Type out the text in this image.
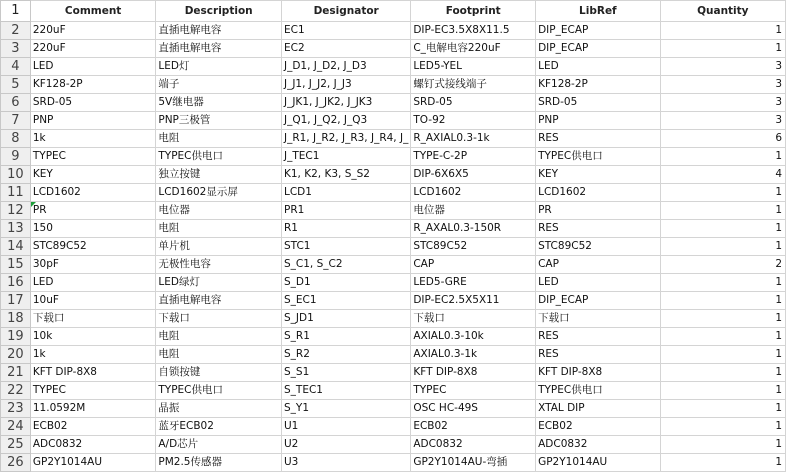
1	Comment	Description	Designator	Footprint	LibRef	Quantity
2	220uF	直插电解电容	EC1	DIP-EC3.5X8X11.5	DIP_ECAP	1
3	220uF	直插电解电容	EC2	C_电解电容220uF	DIP_ECAP	1
4	LED	LED灯	J_D1, J_D2, J_D3	LED5-YEL	LED	3
5	KF128-2P	端子	J_J1, J_J2, J_J3	螺钉式接线端子	KF128-2P	3
6	SRD-05	5V继电器	J_JK1, J_JK2, J_JK3	SRD-05	SRD-05	3
7	PNP	PNP三极管	J_Q1, J_Q2, J_Q3	TO-92	PNP	3
8	1k	电阻	J_R1, J_R2, J_R3, J_R4, J_	R_AXIAL0.3-1k	RES	6
9	TYPEC	TYPEC供电口	J_TEC1	TYPE-C-2P	TYPEC供电口	1
10	KEY	独立按键	K1, K2, K3, S_S2	DIP-6X6X5	KEY	4
11	LCD1602	LCD1602显示屏	LCD1	LCD1602	LCD1602	1
12	PR	电位器	PR1	电位器	PR	1
13	150	电阻	R1	R_AXAL0.3-150R	RES	1
14	STC89C52	单片机	STC1	STC89C52	STC89C52	1
15	30pF	无极性电容	S_C1, S_C2	CAP	CAP	2
16	LED	LED绿灯	S_D1	LED5-GRE	LED	1
17	10uF	直插电解电容	S_EC1	DIP-EC2.5X5X11	DIP_ECAP	1
18	下载口	下载口	S_JD1	下载口	下载口	1
19	10k	电阻	S_R1	AXIAL0.3-10k	RES	1
20	1k	电阻	S_R2	AXIAL0.3-1k	RES	1
21	KFT DIP-8X8	自锁按键	S_S1	KFT DIP-8X8	KFT DIP-8X8	1
22	TYPEC	TYPEC供电口	S_TEC1	TYPEC	TYPEC供电口	1
23	11.0592M	晶振	S_Y1	OSC HC-49S	XTAL DIP	1
24	ECB02	蓝牙ECB02	U1	ECB02	ECB02	1
25	ADC0832	A/D芯片	U2	ADC0832	ADC0832	1
26	GP2Y1014AU	PM2.5传感器	U3	GP2Y1014AU-弯插	GP2Y1014AU	1
